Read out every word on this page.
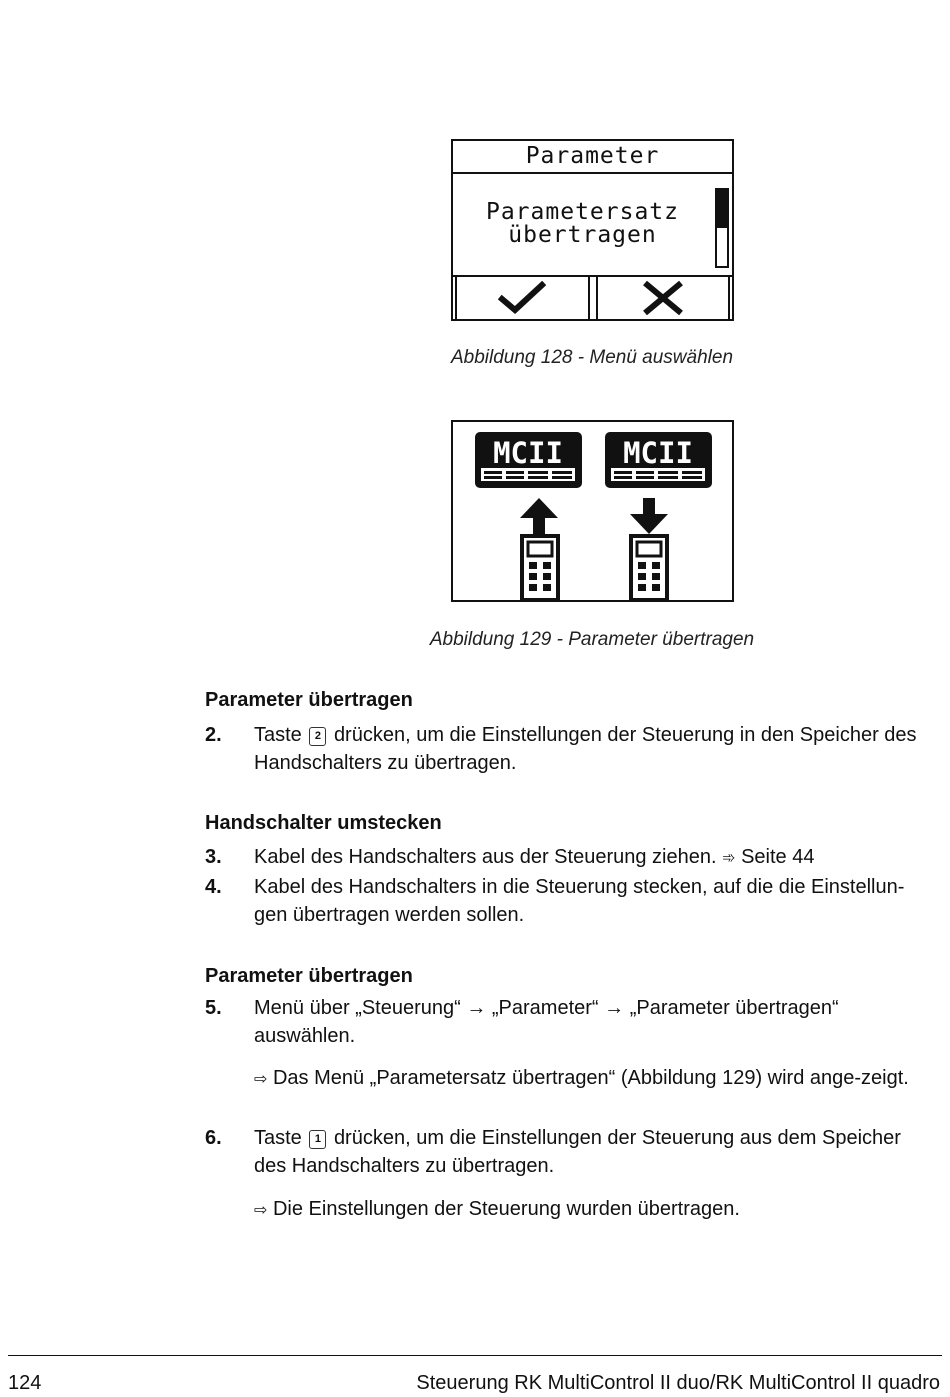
Parameter
Parametersatz
übertragen
Abbildung 128 - Menü auswählen
MCII MCII
Abbildung 129 - Parameter übertragen
Parameter übertragen
2. Taste 2 drücken, um die Einstellungen der Steuerung in den Speicher des Handschalters zu übertragen.
Handschalter umstecken
3. Kabel des Handschalters aus der Steuerung ziehen. ➾ Seite 44
4. Kabel des Handschalters in die Steuerung stecken, auf die die Einstellun-gen übertragen werden sollen.
Parameter übertragen
5. Menü über „Steuerung“ → „Parameter“ → „Parameter übertragen“ auswählen.
⇨ Das Menü „Parametersatz übertragen“ (Abbildung 129) wird ange-zeigt.
6. Taste 1 drücken, um die Einstellungen der Steuerung aus dem Speicher des Handschalters zu übertragen.
⇨ Die Einstellungen der Steuerung wurden übertragen.
124	Steuerung RK MultiControl II duo/RK MultiControl II quadro
